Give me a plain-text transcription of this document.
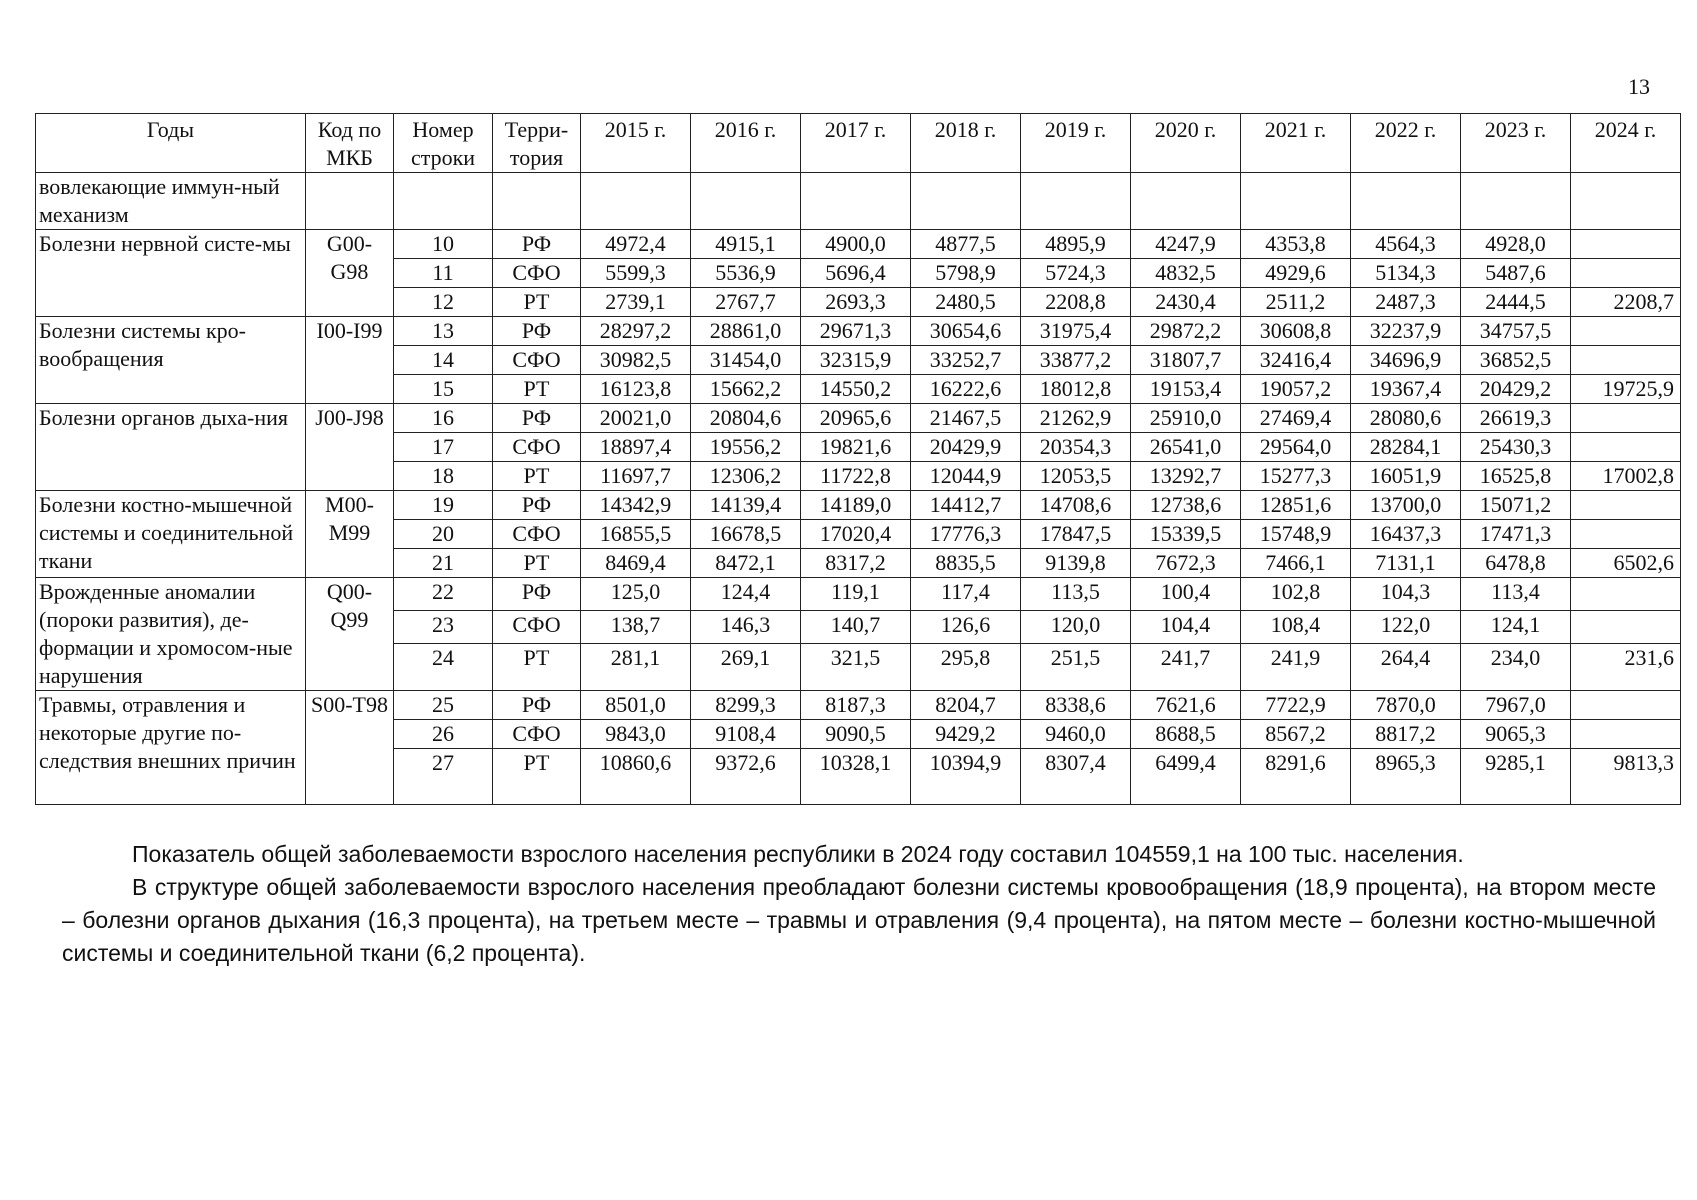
13
Годы	Код по МКБ	Номер строки	Терри-тория	2015 г.	2016 г.	2017 г.	2018 г.	2019 г.	2020 г.	2021 г.	2022 г.	2023 г.	2024 г.
вовлекающие иммун-ный механизм													
Болезни нервной систе-мы	G00-G98	10	РФ	4972,4	4915,1	4900,0	4877,5	4895,9	4247,9	4353,8	4564,3	4928,0	
		11	СФО	5599,3	5536,9	5696,4	5798,9	5724,3	4832,5	4929,6	5134,3	5487,6	
		12	РТ	2739,1	2767,7	2693,3	2480,5	2208,8	2430,4	2511,2	2487,3	2444,5	2208,7
Болезни системы кро-вообращения	I00-I99	13	РФ	28297,2	28861,0	29671,3	30654,6	31975,4	29872,2	30608,8	32237,9	34757,5	
		14	СФО	30982,5	31454,0	32315,9	33252,7	33877,2	31807,7	32416,4	34696,9	36852,5	
		15	РТ	16123,8	15662,2	14550,2	16222,6	18012,8	19153,4	19057,2	19367,4	20429,2	19725,9
Болезни органов дыха-ния	J00-J98	16	РФ	20021,0	20804,6	20965,6	21467,5	21262,9	25910,0	27469,4	28080,6	26619,3	
		17	СФО	18897,4	19556,2	19821,6	20429,9	20354,3	26541,0	29564,0	28284,1	25430,3	
		18	РТ	11697,7	12306,2	11722,8	12044,9	12053,5	13292,7	15277,3	16051,9	16525,8	17002,8
Болезни костно-мышечной системы и соединительной ткани	M00-M99	19	РФ	14342,9	14139,4	14189,0	14412,7	14708,6	12738,6	12851,6	13700,0	15071,2	
		20	СФО	16855,5	16678,5	17020,4	17776,3	17847,5	15339,5	15748,9	16437,3	17471,3	
		21	РТ	8469,4	8472,1	8317,2	8835,5	9139,8	7672,3	7466,1	7131,1	6478,8	6502,6
Врожденные аномалии (пороки развития), де-формации и хромосом-ные нарушения	Q00-Q99	22	РФ	125,0	124,4	119,1	117,4	113,5	100,4	102,8	104,3	113,4	
		23	СФО	138,7	146,3	140,7	126,6	120,0	104,4	108,4	122,0	124,1	
		24	РТ	281,1	269,1	321,5	295,8	251,5	241,7	241,9	264,4	234,0	231,6
Травмы, отравления и некоторые другие по-следствия внешних причин	S00-T98	25	РФ	8501,0	8299,3	8187,3	8204,7	8338,6	7621,6	7722,9	7870,0	7967,0	
		26	СФО	9843,0	9108,4	9090,5	9429,2	9460,0	8688,5	8567,2	8817,2	9065,3	
		27	РТ	10860,6	9372,6	10328,1	10394,9	8307,4	6499,4	8291,6	8965,3	9285,1	9813,3

Показатель общей заболеваемости взрослого населения республики в 2024 году составил 104559,1 на 100 тыс. населения.

В структуре общей заболеваемости взрослого населения преобладают болезни системы кровообращения (18,9 процента), на втором месте – болезни органов дыхания (16,3 процента), на третьем месте – травмы и отравления (9,4 процента), на пятом месте – болезни костно-мышечной системы и соединительной ткани (6,2 процента).
